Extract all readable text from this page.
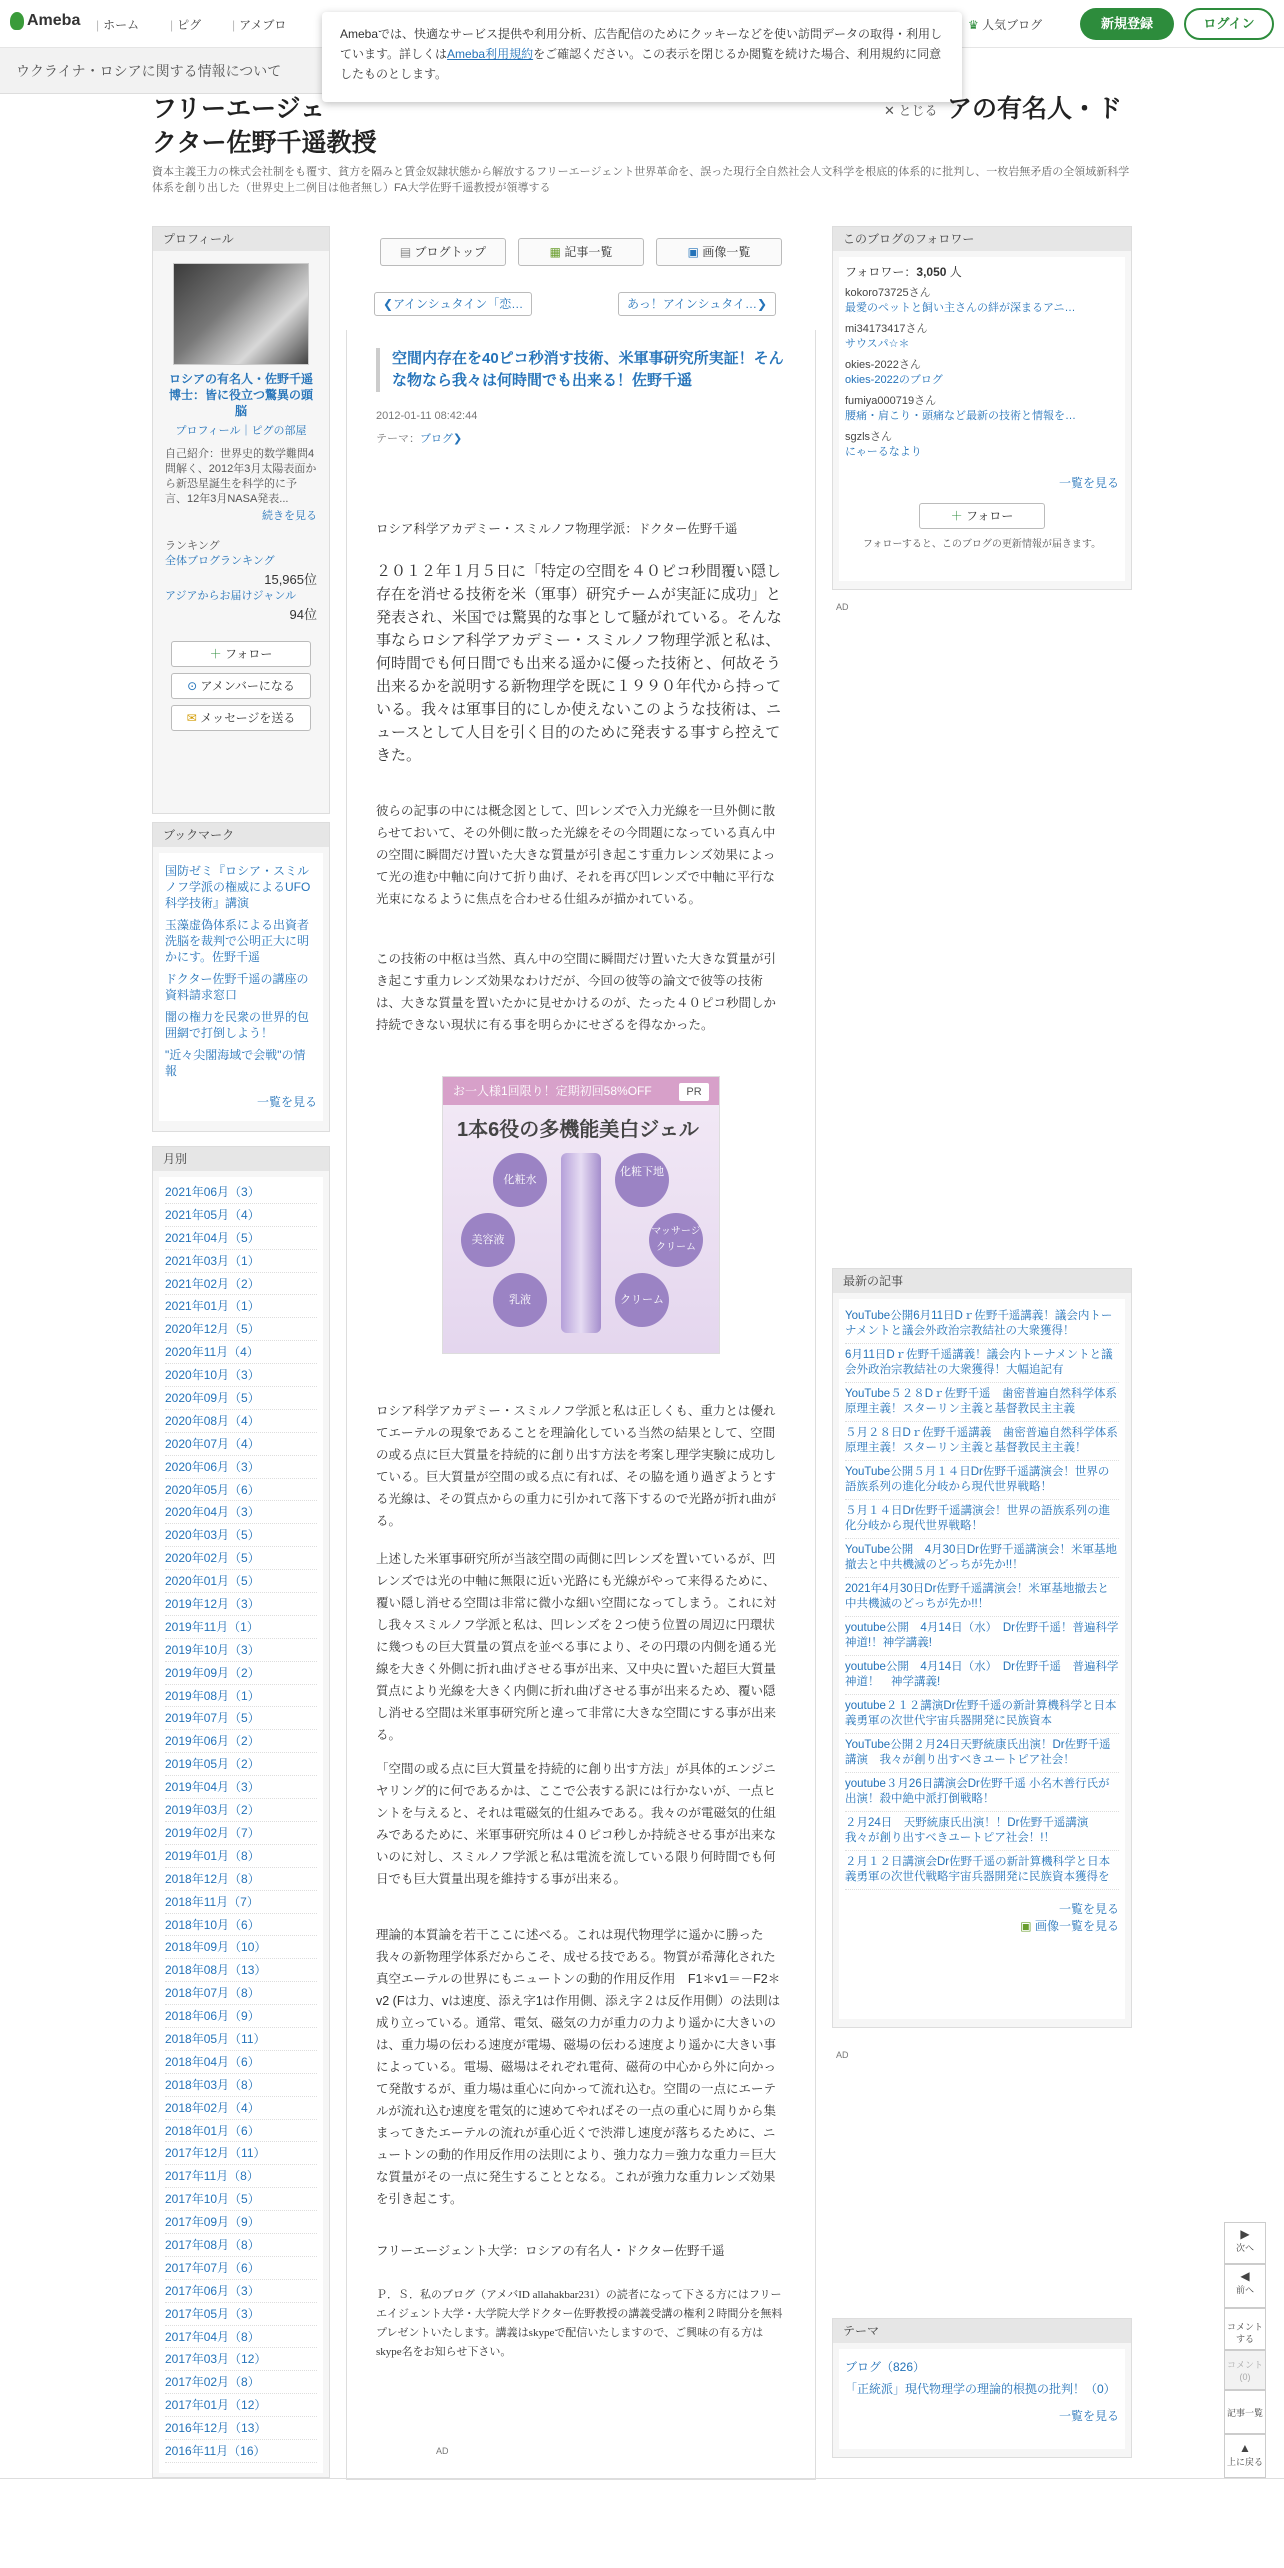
Ameba | ホーム	| ピグ	| アメブロ	♛ 人気ブログ	新規登録	ログイン
ウクライナ・ロシアに関する情報について
Amebaでは、快適なサービス提供や利用分析、広告配信のためにクッキーなどを使い訪問データの取得・利用しています。詳しくはAmeba利用規約をご確認ください。この表示を閉じるか閲覧を続けた場合、利用規約に同意したものとします。
✕ とじる
フリーエージェ	アの有名人・ド
クター佐野千遥教授
資本主義王力の株式会社制をも覆す、貧方を隔みと賃金奴隷状態から解放するフリーエージェント世界革命を、誤った現行全自然社会人文科学を根底的体系的に批判し、一枚岩無矛盾の全領域新科学体系を創り出した（世界史上二例目は他者無し）FA大学佐野千遥教授が領導する
プロフィール
ロシアの有名人・佐野千遥博士：皆に役立つ驚異の頭脳
プロフィール｜ピグの部屋
自己紹介：世界史的数学難問4問解く、2012年3月太陽表面から新恐星誕生を科学的に予言、12年3月NASA発表...
続きを見る
ランキング
全体ブログランキング
15,965位
アジアからお届けジャンル
94位
＋ フォロー
⊙ アメンバーになる
✉ メッセージを送る
ブックマーク
国防ゼミ『ロシア・スミルノフ学派の権威によるUFO科学技術』講演
玉藻虚偽体系による出資者洗脳を裁判で公明正大に明かにす。佐野千遥
ドクター佐野千遥の講座の資料請求窓口
闇の権力を民衆の世界的包囲網で打倒しよう！
"近々尖閣海域で会戦"の情報
一覧を見る
月別
2021年06月（3）
2021年05月（4）
2021年04月（5）
2021年03月（1）
2021年02月（2）
2021年01月（1）
2020年12月（5）
2020年11月（4）
2020年10月（3）
2020年09月（5）
2020年08月（4）
2020年07月（4）
2020年06月（3）
2020年05月（6）
2020年04月（3）
2020年03月（5）
2020年02月（5）
2020年01月（5）
2019年12月（3）
2019年11月（1）
2019年10月（3）
2019年09月（2）
2019年08月（1）
2019年07月（5）
2019年06月（2）
2019年05月（2）
2019年04月（3）
2019年03月（2）
2019年02月（7）
2019年01月（8）
2018年12月（8）
2018年11月（7）
2018年10月（6）
2018年09月（10）
2018年08月（13）
2018年07月（8）
2018年06月（9）
2018年05月（11）
2018年04月（6）
2018年03月（8）
2018年02月（4）
2018年01月（6）
2017年12月（11）
2017年11月（8）
2017年10月（5）
2017年09月（9）
2017年08月（8）
2017年07月（6）
2017年06月（3）
2017年05月（3）
2017年04月（8）
2017年03月（12）
2017年02月（8）
2017年01月（12）
2016年12月（13）
2016年11月（16）
▤ ブログトップ	▦ 記事一覧	▣ 画像一覧
❮アインシュタイン「恋…	あっ！アインシュタイ…❯
空間内存在を40ピコ秒消す技術、米軍事研究所実証！そんな物なら我々は何時間でも出来る！佐野千遥
2012-01-11 08:42:44
テーマ：ブログ❯
ロシア科学アカデミー・スミルノフ物理学派：ドクター佐野千遥
２０１２年１月５日に「特定の空間を４０ピコ秒間覆い隠し存在を消せる技術を米（軍事）研究チームが実証に成功」と発表され、米国では驚異的な事として騒がれている。そんな事ならロシア科学アカデミー・スミルノフ物理学派と私は、何時間でも何日間でも出来る遥かに優った技術と、何故そう出来るかを説明する新物理学を既に１９９０年代から持っている。我々は軍事目的にしか使えないこのような技術は、ニュースとして人目を引く目的のために発表する事すら控えてきた。
彼らの記事の中には概念図として、凹レンズで入力光線を一旦外側に散らせておいて、その外側に散った光線をその今問題になっている真ん中の空間に瞬間だけ置いた大きな質量が引き起こす重力レンズ効果によって光の進む中軸に向けて折り曲げ、それを再び凹レンズで中軸に平行な光束になるように焦点を合わせる仕組みが描かれている。
この技術の中枢は当然、真ん中の空間に瞬間だけ置いた大きな質量が引き起こす重力レンズ効果なわけだが、今回の彼等の論文で彼等の技術は、大きな質量を置いたかに見せかけるのが、たった４０ピコ秒間しか持続できない現状に有る事を明らかにせざるを得なかった。
お一人様1回限り！定期初回58%OFF	PR
1本6役の多機能美白ジェル
化粧水
化粧下地
美容液
マッサージクリーム
乳液	クリーム
ロシア科学アカデミー・スミルノフ学派と私は正しくも、重力とは優れてエーテルの現象であることを理論化している当然の結果として、空間の或る点に巨大質量を持続的に創り出す方法を考案し理学実験に成功している。巨大質量が空間の或る点に有れば、その脇を通り過ぎようとする光線は、その質点からの重力に引かれて落下するので光路が折れ曲がる。
上述した米軍事研究所が当該空間の両側に凹レンズを置いているが、凹レンズでは光の中軸に無限に近い光路にも光線がやって来得るために、覆い隠し消せる空間は非常に微小な細い空間になってしまう。これに対し我々スミルノフ学派と私は、凹レンズを２つ使う位置の周辺に円環状に幾つもの巨大質量の質点を並べる事により、その円環の内側を通る光線を大きく外側に折れ曲げさせる事が出来、又中央に置いた超巨大質量質点により光線を大きく内側に折れ曲げさせる事が出来るため、覆い隠し消せる空間は米軍事研究所と違って非常に大きな空間にする事が出来る。
「空間の或る点に巨大質量を持続的に創り出す方法」が具体的エンジニヤリング的に何であるかは、ここで公表する訳には行かないが、一点ヒントを与えると、それは電磁気的仕組みである。我々のが電磁気的仕組みであるために、米軍事研究所は４０ピコ秒しか持続させる事が出来ないのに対し、スミルノフ学派と私は電流を流している限り何時間でも何日でも巨大質量出現を維持する事が出来る。
理論的本質論を若干ここに述べる。これは現代物理学に遥かに勝った我々の新物理学体系だからこそ、成せる技である。物質が希薄化された真空エーテルの世界にもニュートンの動的作用反作用　F1＊v1＝－F2＊v2 (Fは力、vは速度、添え字1は作用側、添え字２は反作用側）の法則は成り立っている。通常、電気、磁気の力が重力の力より遥かに大きいのは、重力場の伝わる速度が電場、磁場の伝わる速度より遥かに大きい事によっている。電場、磁場はそれぞれ電荷、磁荷の中心から外に向かって発散するが、重力場は重心に向かって流れ込む。空間の一点にエーテルが流れ込む速度を電気的に速めてやればその一点の重心に周りから集まってきたエーテルの流れが重心近くで渋滞し速度が落ちるために、ニュートンの動的作用反作用の法則により、強力な力＝強力な重力＝巨大な質量がその一点に発生することとなる。これが強力な重力レンズ効果を引き起こす。
フリーエージェント大学：ロシアの有名人・ドクター佐野千遥
Ｐ．Ｓ．私のブログ（アメバID allahakbar231）の読者になって下さる方にはフリーエイジェント大学・大学院大学ドクター佐野教授の講義受講の権利２時間分を無料プレゼントいたします。講義はskypeで配信いたしますので、ご興味の有る方はskype名をお知らせ下さい。
AD
このブログのフォロワー
フォロワー：3,050 人
kokoro73725さん
最愛のペットと飼い主さんの絆が深まるアニ…
mi34173417さん
サウスパ☆＊
okies-2022さん
okies-2022のブログ
fumiya000719さん
腰痛・肩こり・頭痛など最新の技術と情報を…
sgzlsさん
にゃーるなより
一覧を見る
＋ フォロー
フォローすると、このブログの更新情報が届きます。
AD
最新の記事
YouTube公開6月11日Dｒ佐野千遥講義！議会内トーナメントと議会外政治宗教結社の大衆獲得！
6月11日Dｒ佐野千遥講義！議会内トーナメントと議会外政治宗教結社の大衆獲得！大幅追記有
YouTube５２８Dｒ佐野千遥　歯密普遍自然科学体系原理主義！スターリン主義と基督教民主主義
５月２８日Dｒ佐野千遥講義　歯密普遍自然科学体系原理主義！スターリン主義と基督教民主主義！
YouTube公開５月１４日Dr佐野千遥講演会！世界の語族系列の進化分岐から現代世界戦略！
５月１４日Dr佐野千遥講演会！世界の語族系列の進化分岐から現代世界戦略！
YouTube公開　4月30日Dr佐野千遥講演会！米軍基地撤去と中共機滅のどっちが先か!!！
2021年4月30日Dr佐野千遥講演会！米軍基地撤去と中共機滅のどっちが先か!!！
youtube公開　4月14日（水）　Dr佐野千遥！普遍科学神道!！神学講義!
youtube公開　4月14日（水）　Dr佐野千遥　普遍科学神道！　神学講義!
youtube２１２講演Dr佐野千遥の新計算機科学と日本義勇軍の次世代宇宙兵器開発に民族資本
YouTube公開２月24日天野統康氏出演！Dr佐野千遥講演　我々が創り出すべきユートピア社会！
youtube３月26日講演会Dr佐野千遥 小名木善行氏が出演！殺中絶中派打倒戦略！
２月24日　天野統康氏出演！！Dr佐野千遥講演　我々が創り出すべきユートピア社会！!！
２月１２日講演会Dr佐野千遥の新計算機科学と日本義勇軍の次世代戦略宇宙兵器開発に民族資本獲得を
一覧を見る
▣ 画像一覧を見る
AD
テーマ
ブログ（826）
「正統派」現代物理学の理論的根拠の批判！（0）
一覧を見る
▶
次へ
◀
前へ
コメントする
コメント(0)
記事一覧
▲
上に戻る
